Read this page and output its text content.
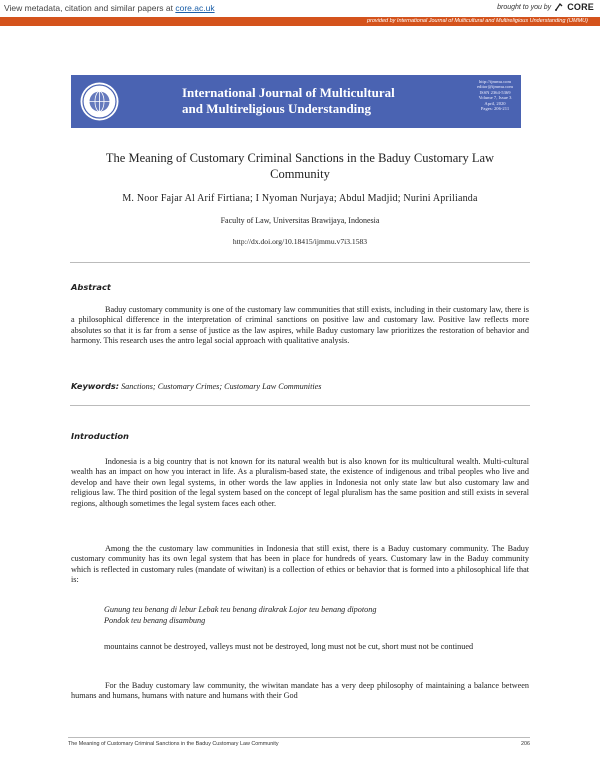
View metadata, citation and similar papers at core.ac.uk	brought to you by CORE
provided by International Journal of Multicultural and Multireligious Understanding (IJMMU)
International Journal of Multicultural
and Multireligious Understanding
http://ijmmu.com
editor@ijmmu.com
ISSN 2364-5369
Volume 7, Issue 3
April, 2020
Pages: 206-211
The Meaning of Customary Criminal Sanctions in the Baduy Customary Law
Community
M. Noor Fajar Al Arif Firtiana; I Nyoman Nurjaya; Abdul Madjid; Nurini Aprilianda
Faculty of Law, Universitas Brawijaya, Indonesia
http://dx.doi.org/10.18415/ijmmu.v7i3.1583
Abstract

Baduy customary community is one of the customary law communities that still exists, including in their customary law, there is a philosophical difference in the interpretation of criminal sanctions on positive law and customary law. Positive law reflects more absolutes so that it is far from a sense of justice as the law aspires, while Baduy customary law prioritizes the restoration of behavior and harmony. This research uses the antro legal social approach with qualitative analysis.

Keywords: Sanctions; Customary Crimes; Customary Law Communities
Introduction

Indonesia is a big country that is not known for its natural wealth but is also known for its multicultural wealth. Multi-cultural wealth has an impact on how you interact in life. As a pluralism-based state, the existence of indigenous and tribal peoples who live and develop and have their own legal systems, in other words the law applies in Indonesia not only state law but also customary law and religious law. The third position of the legal system based on the concept of legal pluralism has the same position and still exists in several regions, although sometimes the legal system faces each other.

Among the the customary law communities in Indonesia that still exist, there is a Baduy customary community. The Baduy customary community has its own legal system that has been in place for hundreds of years. Customary law in the Baduy community which is reflected in customary rules (mandate of wiwitan) is a collection of ethics or behavior that is formed into a philosophical life that is:

Gunung teu benang di lebur Lebak teu benang dirakrak Lojor teu benang dipotong

Pondok teu benang disambung

mountains cannot be destroyed, valleys must not be destroyed, long must not be cut, short must not be continued

For the Baduy customary law community, the wiwitan mandate has a very deep philosophy of maintaining a balance between humans and humans, humans with nature and humans with their God

The Meaning of Customary Criminal Sanctions in the Baduy Customary Law Community	206
